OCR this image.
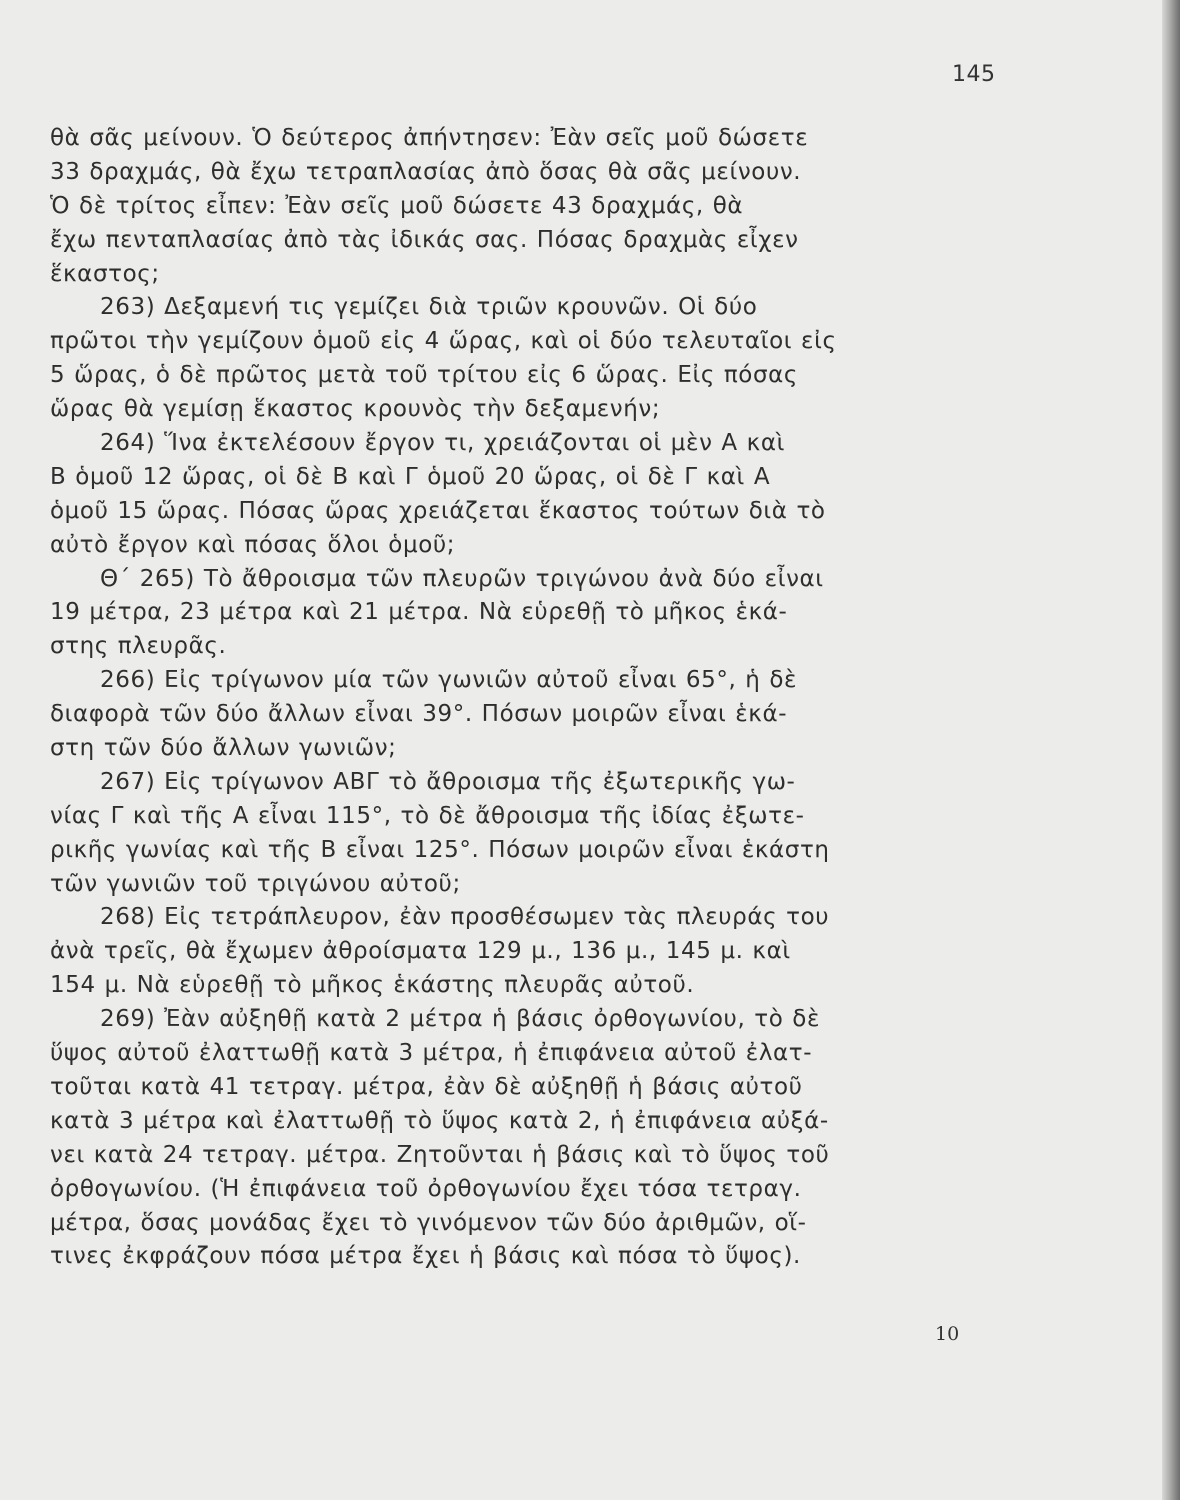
145
θὰ σᾶς μείνουν. Ὁ δεύτερος ἀπήντησεν: Ἐὰν σεῖς μοῦ δώσετε
33 δραχμάς, θὰ ἔχω τετραπλασίας ἀπὸ ὅσας θὰ σᾶς μείνουν.
Ὁ δὲ τρίτος εἶπεν: Ἐὰν σεῖς μοῦ δώσετε 43 δραχμάς, θὰ
ἔχω πενταπλασίας ἀπὸ τὰς ἰδικάς σας. Πόσας δραχμὰς εἶχεν
ἕκαστος;
263) Δεξαμενή τις γεμίζει διὰ τριῶν κρουνῶν. Οἱ δύο
πρῶτοι τὴν γεμίζουν ὁμοῦ εἰς 4 ὥρας, καὶ οἱ δύο τελευταῖοι εἰς
5 ὥρας, ὁ δὲ πρῶτος μετὰ τοῦ τρίτου εἰς 6 ὥρας. Εἰς πόσας
ὥρας θὰ γεμίσῃ ἕκαστος κρουνὸς τὴν δεξαμενήν;
264) Ἵνα ἐκτελέσουν ἔργον τι, χρειάζονται οἱ μὲν Α καὶ
Β ὁμοῦ 12 ὥρας, οἱ δὲ Β καὶ Γ ὁμοῦ 20 ὥρας, οἱ δὲ Γ καὶ Α
ὁμοῦ 15 ὥρας. Πόσας ὥρας χρειάζεται ἕκαστος τούτων διὰ τὸ
αὐτὸ ἔργον καὶ πόσας ὅλοι ὁμοῦ;
Θ΄ 265) Τὸ ἄθροισμα τῶν πλευρῶν τριγώνου ἀνὰ δύο εἶναι
19 μέτρα, 23 μέτρα καὶ 21 μέτρα. Νὰ εὑρεθῇ τὸ μῆκος ἑκά-
στης πλευρᾶς.
266) Εἰς τρίγωνον μία τῶν γωνιῶν αὐτοῦ εἶναι 65°, ἡ δὲ
διαφορὰ τῶν δύο ἄλλων εἶναι 39°. Πόσων μοιρῶν εἶναι ἑκά-
στη τῶν δύο ἄλλων γωνιῶν;
267) Εἰς τρίγωνον ΑΒΓ τὸ ἄθροισμα τῆς ἐξωτερικῆς γω-
νίας Γ καὶ τῆς Α εἶναι 115°, τὸ δὲ ἄθροισμα τῆς ἰδίας ἐξωτε-
ρικῆς γωνίας καὶ τῆς Β εἶναι 125°. Πόσων μοιρῶν εἶναι ἑκάστη
τῶν γωνιῶν τοῦ τριγώνου αὐτοῦ;
268) Εἰς τετράπλευρον, ἐὰν προσθέσωμεν τὰς πλευράς του
ἀνὰ τρεῖς, θὰ ἔχωμεν ἀθροίσματα 129 μ., 136 μ., 145 μ. καὶ
154 μ. Νὰ εὑρεθῇ τὸ μῆκος ἑκάστης πλευρᾶς αὐτοῦ.
269) Ἐὰν αὐξηθῇ κατὰ 2 μέτρα ἡ βάσις ὀρθογωνίου, τὸ δὲ
ὕψος αὐτοῦ ἐλαττωθῇ κατὰ 3 μέτρα, ἡ ἐπιφάνεια αὐτοῦ ἐλατ-
τοῦται κατὰ 41 τετραγ. μέτρα, ἐὰν δὲ αὐξηθῇ ἡ βάσις αὐτοῦ
κατὰ 3 μέτρα καὶ ἐλαττωθῇ τὸ ὕψος κατὰ 2, ἡ ἐπιφάνεια αὐξά-
νει κατὰ 24 τετραγ. μέτρα. Ζητοῦνται ἡ βάσις καὶ τὸ ὕψος τοῦ
ὀρθογωνίου. (Ἡ ἐπιφάνεια τοῦ ὀρθογωνίου ἔχει τόσα τετραγ.
μέτρα, ὅσας μονάδας ἔχει τὸ γινόμενον τῶν δύο ἀριθμῶν, οἵ-
τινες ἐκφράζουν πόσα μέτρα ἔχει ἡ βάσις καὶ πόσα τὸ ὕψος).
10
